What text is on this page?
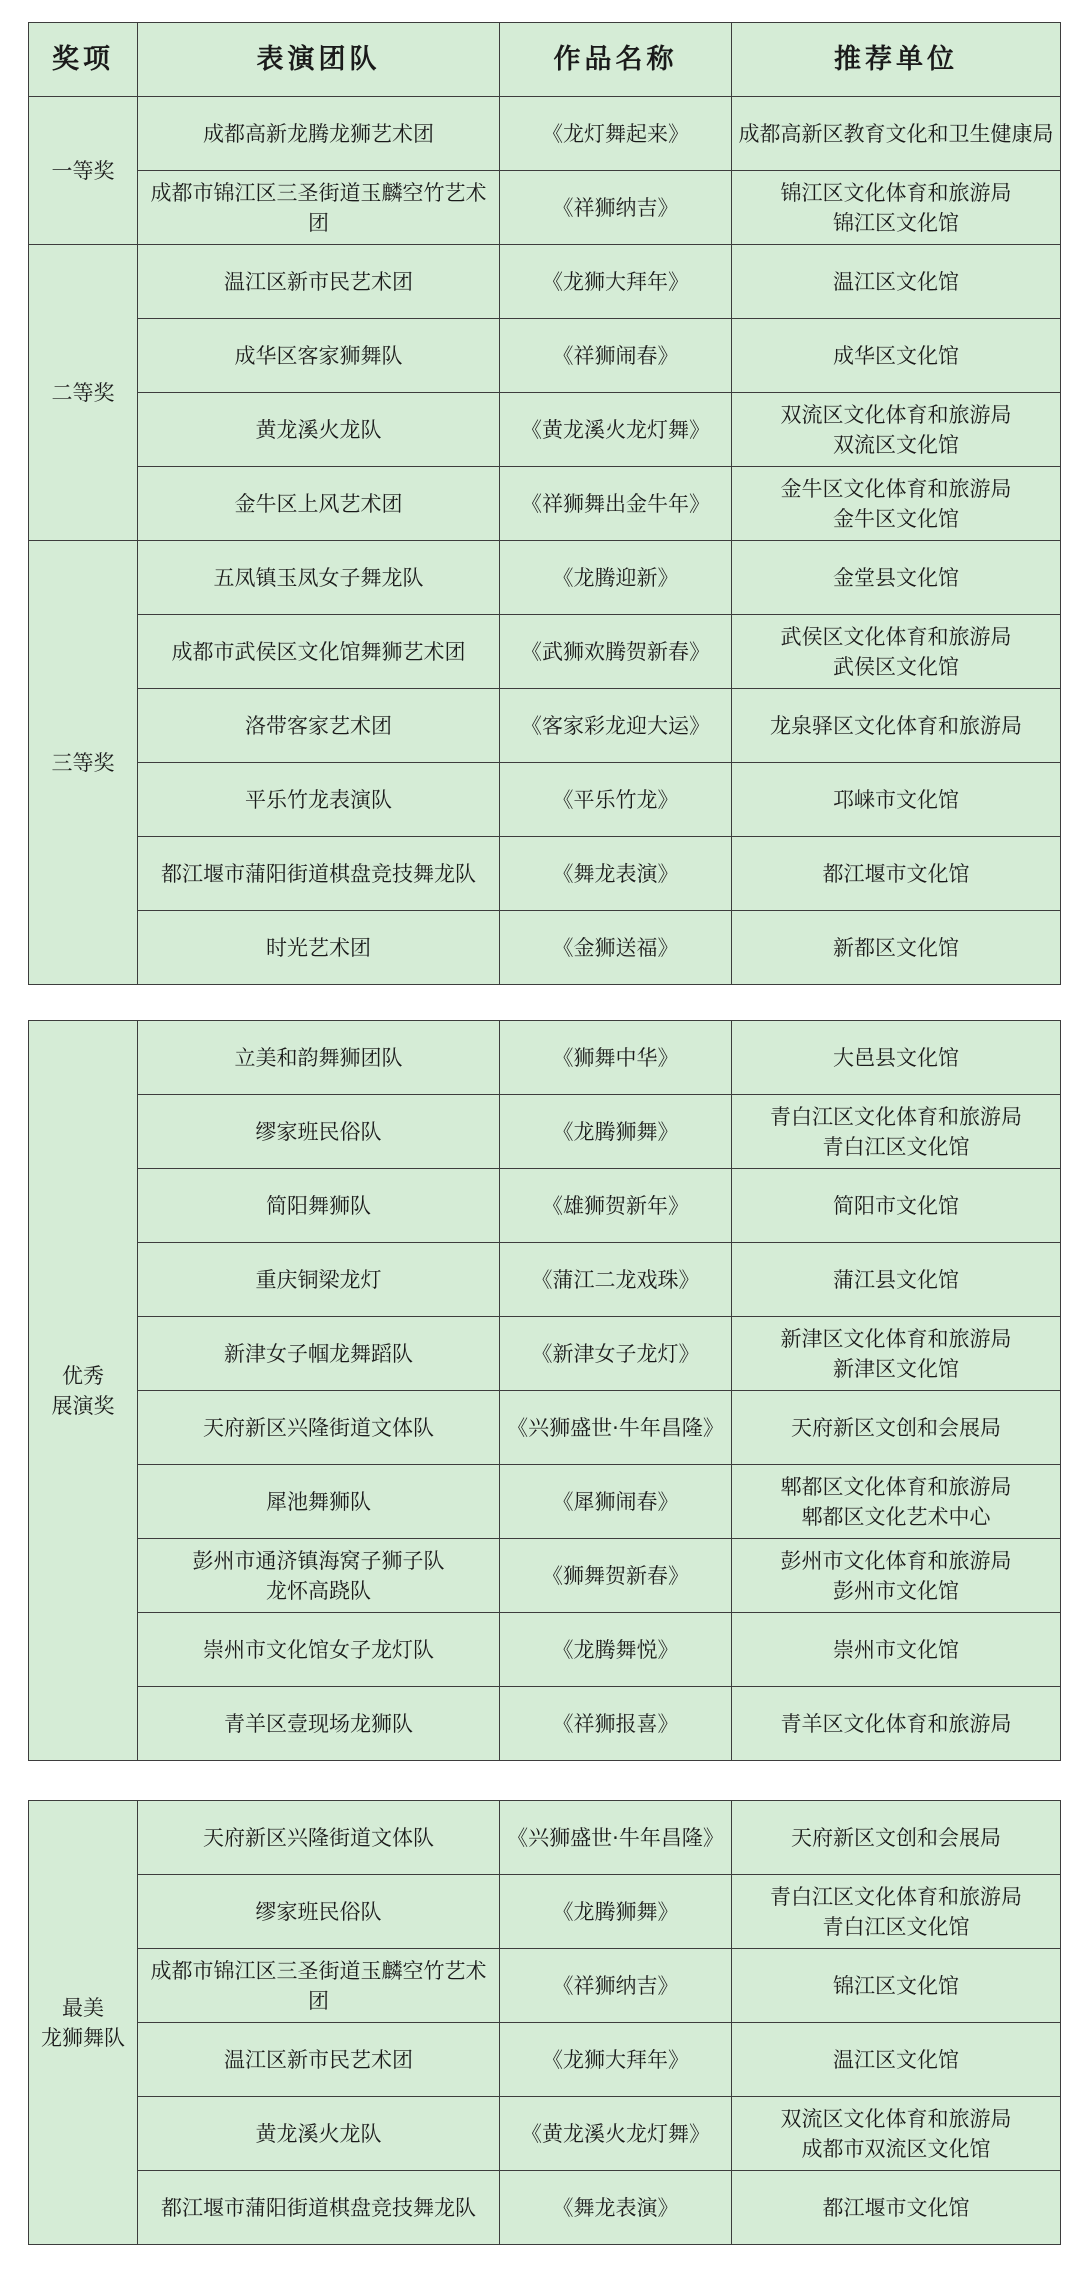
奖项	表演团队	作品名称	推荐单位
一等奖	成都高新龙腾龙狮艺术团	《龙灯舞起来》	成都高新区教育文化和卫生健康局

	成都市锦江区三圣街道玉麟空竹艺术团	《祥狮纳吉》	锦江区文化体育和旅游局
锦江区文化馆

二等奖	温江区新市民艺术团	《龙狮大拜年》	温江区文化馆

	成华区客家狮舞队	《祥狮闹春》	成华区文化馆

	黄龙溪火龙队	《黄龙溪火龙灯舞》	双流区文化体育和旅游局
双流区文化馆

	金牛区上风艺术团	《祥狮舞出金牛年》	金牛区文化体育和旅游局
金牛区文化馆

三等奖	五凤镇玉凤女子舞龙队	《龙腾迎新》	金堂县文化馆

	成都市武侯区文化馆舞狮艺术团	《武狮欢腾贺新春》	武侯区文化体育和旅游局
武侯区文化馆

	洛带客家艺术团	《客家彩龙迎大运》	龙泉驿区文化体育和旅游局

	平乐竹龙表演队	《平乐竹龙》	邛崃市文化馆

	都江堰市蒲阳街道棋盘竞技舞龙队	《舞龙表演》	都江堰市文化馆

	时光艺术团	《金狮送福》	新都区文化馆
优秀
展演奖	立美和韵舞狮团队	《狮舞中华》	大邑县文化馆

	缪家班民俗队	《龙腾狮舞》	青白江区文化体育和旅游局
青白江区文化馆

	简阳舞狮队	《雄狮贺新年》	简阳市文化馆

	重庆铜梁龙灯	《蒲江二龙戏珠》	蒲江县文化馆

	新津女子帼龙舞蹈队	《新津女子龙灯》	新津区文化体育和旅游局
新津区文化馆

	天府新区兴隆街道文体队	《兴狮盛世·牛年昌隆》	天府新区文创和会展局

	犀池舞狮队	《犀狮闹春》	郫都区文化体育和旅游局
郫都区文化艺术中心

	彭州市通济镇海窝子狮子队
龙怀高跷队	《狮舞贺新春》	彭州市文化体育和旅游局
彭州市文化馆

	崇州市文化馆女子龙灯队	《龙腾舞悦》	崇州市文化馆

	青羊区壹现场龙狮队	《祥狮报喜》	青羊区文化体育和旅游局
最美
龙狮舞队	天府新区兴隆街道文体队	《兴狮盛世·牛年昌隆》	天府新区文创和会展局

	缪家班民俗队	《龙腾狮舞》	青白江区文化体育和旅游局
青白江区文化馆

	成都市锦江区三圣街道玉麟空竹艺术团	《祥狮纳吉》	锦江区文化馆

	温江区新市民艺术团	《龙狮大拜年》	温江区文化馆

	黄龙溪火龙队	《黄龙溪火龙灯舞》	双流区文化体育和旅游局
成都市双流区文化馆

	都江堰市蒲阳街道棋盘竞技舞龙队	《舞龙表演》	都江堰市文化馆
